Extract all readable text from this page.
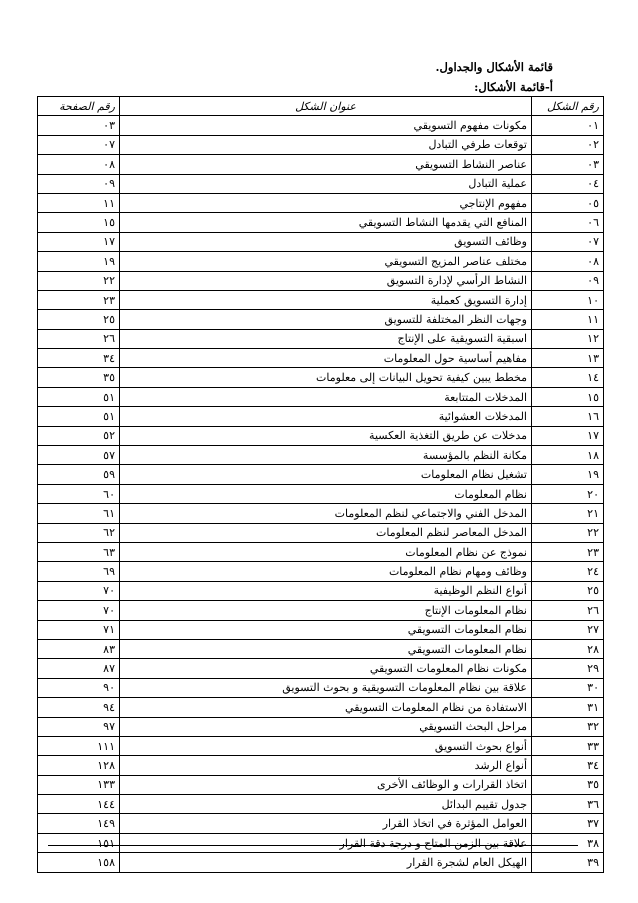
قائمة الأشكال والجداول.
أ-قائمة الأشكال:
رقم الشكل	عنوان الشكل	رقم الصفحة
٠١	مكونات مفهوم التسويقي	٠٣
٠٢	توقعات طرفي التبادل	٠٧
٠٣	عناصر النشاط التسويقي	٠٨
٠٤	عملية التبادل	٠٩
٠٥	مفهوم الإنتاجي	١١
٠٦	المنافع التي يقدمها النشاط التسويقي	١٥
٠٧	وظائف التسويق	١٧
٠٨	مختلف عناصر المزيج التسويقي	١٩
٠٩	النشاط الرأسي لإدارة التسويق	٢٢
١٠	إدارة التسويق كعملية	٢٣
١١	وجهات النظر المختلفة للتسويق	٢٥
١٢	اسبقية التسويقية على الإنتاج	٢٦
١٣	مفاهيم أساسية حول المعلومات	٣٤
١٤	مخطط يبين كيفية تحويل البيانات إلى معلومات	٣٥
١٥	المدخلات المتتابعة	٥١
١٦	المدخلات العشوائية	٥١
١٧	مدخلات عن طريق التغذية العكسية	٥٢
١٨	مكانة النظم بالمؤسسة	٥٧
١٩	تشغيل نظام المعلومات	٥٩
٢٠	نظام المعلومات	٦٠
٢١	المدخل الفني والاجتماعي لنظم المعلومات	٦١
٢٢	المدخل المعاصر لنظم المعلومات	٦٢
٢٣	نموذج عن نظام المعلومات	٦٣
٢٤	وظائف ومهام نظام المعلومات	٦٩
٢٥	أنواع النظم الوظيفية	٧٠
٢٦	نظام المعلومات الإنتاج	٧٠
٢٧	نظام المعلومات التسويقي	٧١
٢٨	نظام المعلومات التسويقي	٨٣
٢٩	مكونات نظام المعلومات التسويقي	٨٧
٣٠	علاقة بين نظام المعلومات التسويقية و بحوث التسويق	٩٠
٣١	الاستفادة من نظام المعلومات التسويقي	٩٤
٣٢	مراحل البحث التسويقي	٩٧
٣٣	أنواع بحوث التسويق	١١١
٣٤	أنواع الرشد	١٢٨
٣٥	اتخاذ القرارات و الوظائف الأخرى	١٣٣
٣٦	جدول تقييم البدائل	١٤٤
٣٧	العوامل المؤثرة في اتخاذ القرار	١٤٩
٣٨	علاقة بين الزمن المتاح و درجة دقة القرار	١٥١
٣٩	الهيكل العام لشجرة القرار	١٥٨
